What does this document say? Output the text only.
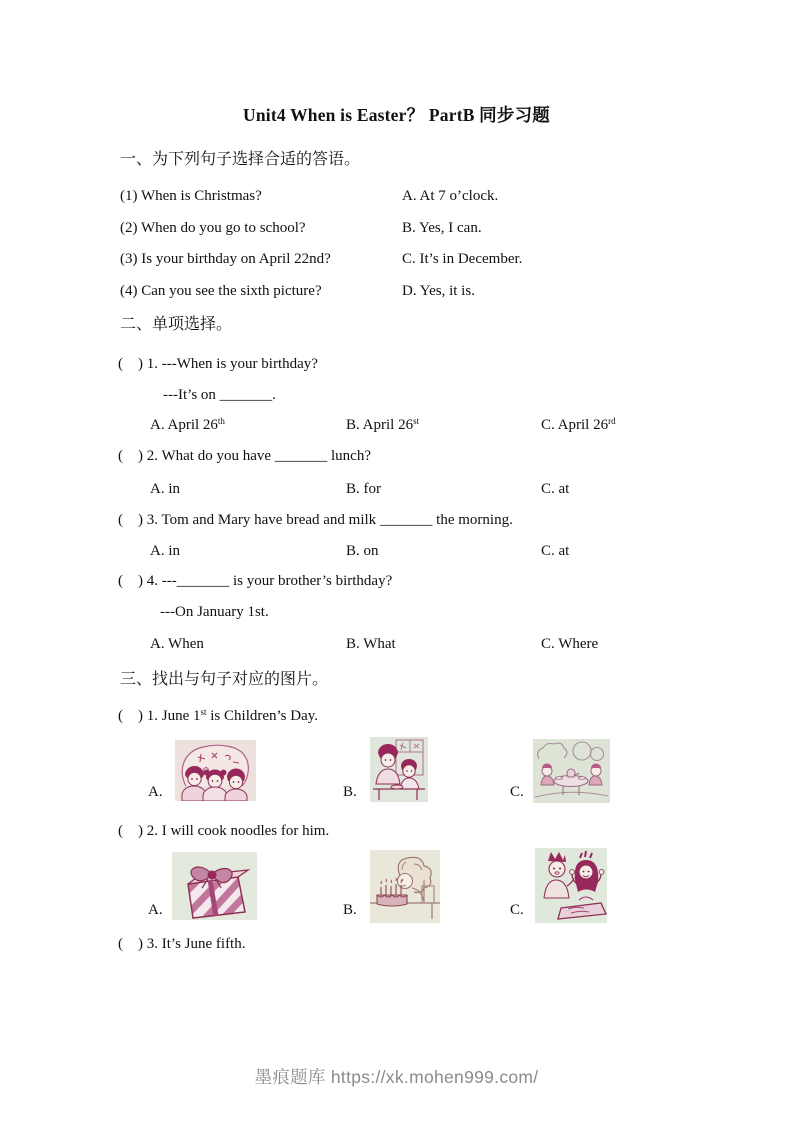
Unit4 When is Easter？ PartB 同步习题
一、为下列句子选择合适的答语。
(1) When is Christmas?	A. At 7 o’clock.
(2) When do you go to school?	B. Yes, I can.
(3) Is your birthday on April 22nd?	C. It’s in December.
(4) Can you see the sixth picture?	D. Yes, it is.
二、单项选择。
(　) 1. ---When is your birthday?
---It’s on _______.
A. April 26th	B. April 26st	C. April 26rd
(　) 2. What do you have _______ lunch?
A. in	B. for	C. at
(　) 3. Tom and Mary have bread and milk _______ the morning.
A. in	B. on	C. at
(　) 4. ---_______ is your brother’s birthday?
---On January 1st.
A. When	B. What	C. Where
三、找出与句子对应的图片。
(　) 1. June 1st is Children’s Day.
A.	B.	C.
(　) 2. I will cook noodles for him.
A.	B.	C.
(　) 3. It’s June fifth.
墨痕题库 https://xk.mohen999.com/
